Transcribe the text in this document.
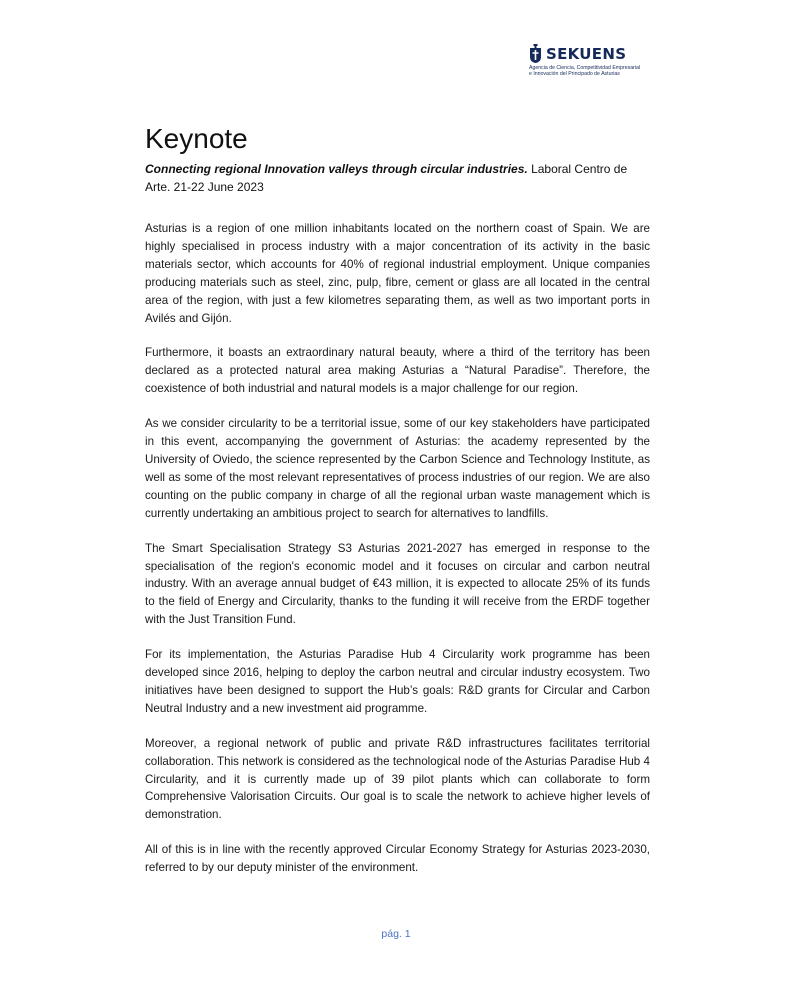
SEKUENS
Agencia de Ciencia, Competitividad Empresarial
e Innovación del Principado de Asturias
Keynote

Connecting regional Innovation valleys through circular industries. Laboral Centro de Arte. 21-22 June 2023

Asturias is a region of one million inhabitants located on the northern coast of Spain. We are highly specialised in process industry with a major concentration of its activity in the basic materials sector, which accounts for 40% of regional industrial employment. Unique companies producing materials such as steel, zinc, pulp, fibre, cement or glass are all located in the central area of the region, with just a few kilometres separating them, as well as two important ports in Avilés and Gijón.

Furthermore, it boasts an extraordinary natural beauty, where a third of the territory has been declared as a protected natural area making Asturias a “Natural Paradise”. Therefore, the coexistence of both industrial and natural models is a major challenge for our region.

As we consider circularity to be a territorial issue, some of our key stakeholders have participated in this event, accompanying the government of Asturias: the academy represented by the University of Oviedo, the science represented by the Carbon Science and Technology Institute, as well as some of the most relevant representatives of process industries of our region. We are also counting on the public company in charge of all the regional urban waste management which is currently undertaking an ambitious project to search for alternatives to landfills.

The Smart Specialisation Strategy S3 Asturias 2021-2027 has emerged in response to the specialisation of the region's economic model and it focuses on circular and carbon neutral industry. With an average annual budget of €43 million, it is expected to allocate 25% of its funds to the field of Energy and Circularity, thanks to the funding it will receive from the ERDF together with the Just Transition Fund.

For its implementation, the Asturias Paradise Hub 4 Circularity work programme has been developed since 2016, helping to deploy the carbon neutral and circular industry ecosystem. Two initiatives have been designed to support the Hub’s goals: R&D grants for Circular and Carbon Neutral Industry and a new investment aid programme.

Moreover, a regional network of public and private R&D infrastructures facilitates territorial collaboration. This network is considered as the technological node of the Asturias Paradise Hub 4 Circularity, and it is currently made up of 39 pilot plants which can collaborate to form Comprehensive Valorisation Circuits. Our goal is to scale the network to achieve higher levels of demonstration.

All of this is in line with the recently approved Circular Economy Strategy for Asturias 2023-2030, referred to by our deputy minister of the environment.

pág. 1
